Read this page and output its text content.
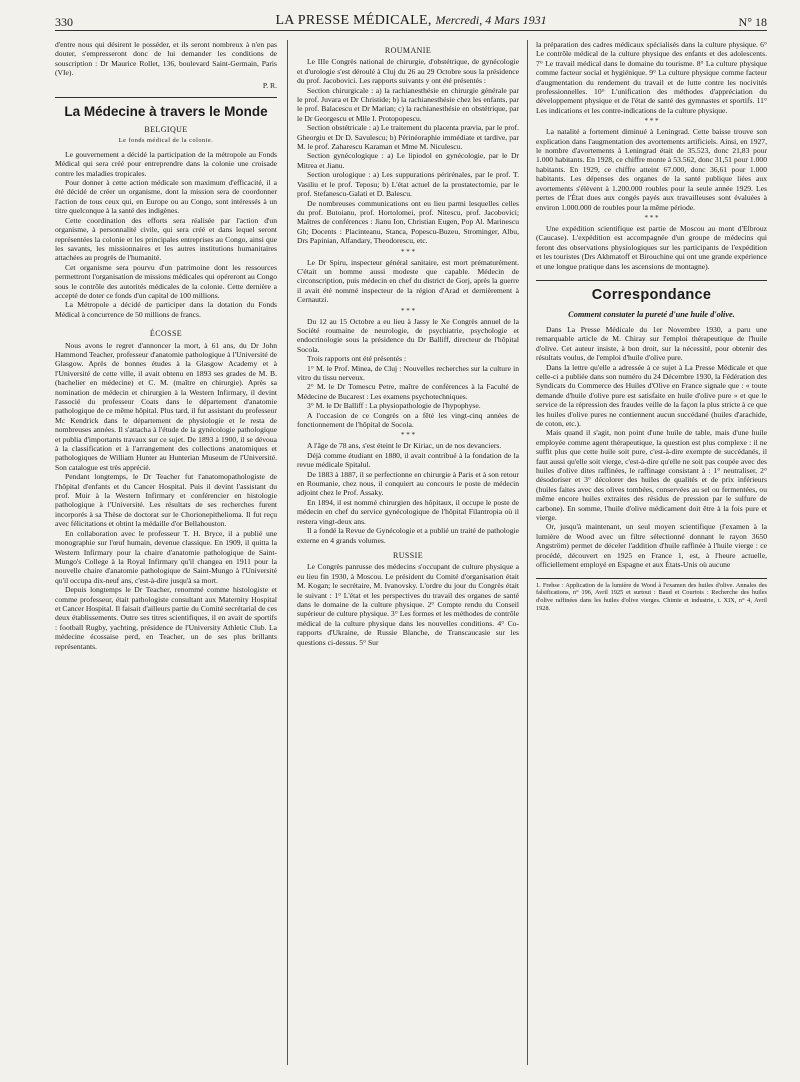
330	LA PRESSE MÉDICALE, Mercredi, 4 Mars 1931	N° 18

d'entre nous qui désirent le posséder, et ils seront nombreux à n'en pas douter, s'empresseront donc de lui demander les conditions de souscription : Dr Maurice Rollet, 136, boulevard Saint-Germain, Paris (VIe).

P. R.
La Médecine à travers le Monde
BELGIQUE
Le fonds médical de la colonie.

Le gouvernement a décidé la participation de la métropole au Fonds Médical qui sera créé pour entreprendre dans la colonie une croisade contre les maladies tropicales.

Pour donner à cette action médicale son maximum d'efficacité, il a été décidé de créer un organisme, dont la mission sera de coordonner l'action de tous ceux qui, en Europe ou au Congo, sont intéressés à un titre quelconque à la santé des indigènes.

Cette coordination des efforts sera réalisée par l'action d'un organisme, à personnalité civile, qui sera créé et dans lequel seront représentées la colonie et les principales entreprises au Congo, ainsi que les savants, les missionnaires et les autres institutions humanitaires attachées au progrès de l'humanité.

Cet organisme sera pourvu d'un patrimoine dont les ressources permettront l'organisation de missions médicales qui opéreront au Congo sous le contrôle des autorités médicales de la colonie. Cette dernière a accepté de doter ce fonds d'un capital de 100 millions.

La Métropole a décidé de participer dans la dotation du Fonds Médical à concurrence de 50 millions de francs.

ÉCOSSE

Nous avons le regret d'annoncer la mort, à 61 ans, du Dr John Hammond Teacher, professeur d'anatomie pathologique à l'Université de Glasgow. Après de bonnes études à la Glasgow Academy et à l'Université de cette ville, il avait obtenu en 1893 ses grades de M. B. (bachelier en médecine) et C. M. (maître en chirurgie). Après sa nomination de médecin et chirurgien à la Western Infirmary, il devint l'associé du professeur Coats dans le département d'anatomie pathologique de ce même hôpital. Plus tard, il fut assistant du professeur Mc Kendrick dans le département de physiologie et le resta de nombreuses années. Il s'attacha à l'étude de la gynécologie pathologique et publia d'importants travaux sur ce sujet. De 1893 à 1900, il se dévoua à la classification et à l'arrangement des collections anatomiques et pathologiques de William Hunter au Hunterian Museum de l'Université. Son catalogue est très apprécié.

Pendant longtemps, le Dr Teacher fut l'anatomopathologiste de l'hôpital d'enfants et du Cancer Hospital. Puis il devint l'assistant du prof. Muir à la Western Infirmary et conférencier en histologie pathologique à l'Université. Les résultats de ses recherches furent incorporés à sa Thèse de doctorat sur le Chorionepithelioma. Il fut reçu avec félicitations et obtint la médaille d'or Bellahouston.

En collaboration avec le professeur T. H. Bryce, il a publié une monographie sur l'œuf humain, devenue classique. En 1909, il quitta la Western Infirmary pour la chaire d'anatomie pathologique de Saint-Mungo's College à la Royal Infirmary qu'il changea en 1911 pour la nouvelle chaire d'anatomie pathologique de Saint-Mungo à l'Université qu'il occupa dix-neuf ans, c'est-à-dire jusqu'à sa mort.

Depuis longtemps le Dr Teacher, renommé comme histologiste et comme professeur, était pathologiste consultant aux Maternity Hospital et Cancer Hospital. Il faisait d'ailleurs partie du Comité secrétarial de ces deux établissements. Outre ses titres scientifiques, il en avait de sportifs : football Rugby, yachting, présidence de l'University Athletic Club. La médecine écossaise perd, en Teacher, un de ses plus brillants représentants.

ROUMANIE

Le IIIe Congrès national de chirurgie, d'obstétrique, de gynécologie et d'urologie s'est déroulé à Cluj du 26 au 29 Octobre sous la présidence du prof. Jacobovici. Les rapports suivants y ont été présentés :

Section chirurgicale : a) la rachianesthésie en chirurgie générale par le prof. Juvara et Dr Christide; b) la rachianesthésie chez les enfants, par le prof. Balacescu et Dr Marian; c) la rachianesthésie en obstétrique, par le Dr Georgescu et Mlle I. Protopopescu.

Section obstétricale : a) Le traitement du placenta prævia, par le prof. Gheorgiu et Dr D. Savulescu; b) Périnéoraphie immédiate et tardive, par M. le prof. Zaharescu Karaman et Mme M. Niculescu.

Section gynécologique : a) Le lipiodol en gynécologie, par le Dr Mitrea et Jianu.

Section urologique : a) Les suppurations périrénales, par le prof. T. Vasiliu et le prof. Teposu; b) L'état actuel de la prostatectomie, par le prof. Stefanescu-Galati et D. Balescu.

De nombreuses communications ont eu lieu parmi lesquelles celles du prof. Butoianu, prof. Hortolomei, prof. Nitescu, prof. Jacobovici; Maîtres de conférences : Jianu Ion, Christian Eugen, Pop Al. Marinescu Gh; Docents : Placinteanu, Stanca, Popescu-Buzeu, Strominger, Albu, Drs Papinian, Alfandary, Theodorescu, etc.

* * *

Le Dr Spiru, inspecteur général sanitaire, est mort prématurément. C'était un homme aussi modeste que capable. Médecin de circonscription, puis médecin en chef du district de Gorj, après la guerre il avait été nommé inspecteur de la région d'Arad et dernièrement à Cernautzi.

* * *

Du 12 au 15 Octobre a eu lieu à Jassy le Xe Congrès annuel de la Société roumaine de neurologie, de psychiatrie, psychologie et endocrinologie sous la présidence du Dr Balliff, directeur de l'hôpital Socola.

Trois rapports ont été présentés :

1° M. le Prof. Minea, de Cluj : Nouvelles recherches sur la culture in vitro du tissu nerveux.

2° M. le Dr Tomescu Petre, maître de conférences à la Faculté de Médecine de Bucarest : Les examens psychotechniques.

3° M. le Dr Balliff : La physiopathologie de l'hypophyse.

A l'occasion de ce Congrès on a fêté les vingt-cinq années de fonctionnement de l'hôpital de Socola.

* * *

A l'âge de 78 ans, s'est éteint le Dr Kiriac, un de nos devanciers.

Déjà comme étudiant en 1880, il avait contribué à la fondation de la revue médicale Spitalul.

De 1883 à 1887, il se perfectionne en chirurgie à Paris et à son retour en Roumanie, chez nous, il conquiert au concours le poste de médecin adjoint chez le Prof. Assaky.

En 1894, il est nommé chirurgien des hôpitaux, il occupe le poste de médecin en chef du service gynécologique de l'hôpital Filantropia où il restera vingt-deux ans.

Il a fondé la Revue de Gynécologie et a publié un traité de pathologie externe en 4 grands volumes.

RUSSIE

Le Congrès panrusse des médecins s'occupant de culture physique a eu lieu fin 1930, à Moscou. Le président du Comité d'organisation était M. Kogan; le secrétaire, M. Ivanovsky. L'ordre du jour du Congrès était le suivant : 1° L'état et les perspectives du travail des organes de santé dans le domaine de la culture physique. 2° Compte rendu du Conseil supérieur de culture physique. 3° Les formes et les méthodes de contrôle médical de la culture physique dans les nouvelles conditions. 4° Co-rapports d'Ukraine, de Russie Blanche, de Transcaucasie sur les questions ci-dessus. 5° Sur

la préparation des cadres médicaux spécialisés dans la culture physique. 6° Le contrôle médical de la culture physique des enfants et des adolescents. 7° Le travail médical dans le domaine du tourisme. 8° La culture physique comme facteur social et hygiénique. 9° La culture physique comme facteur d'augmentation du rendement du travail et de lutte contre les nocivités professionnelles. 10° L'unification des méthodes d'appréciation du développement physique et de l'état de santé des gymnastes et sportifs. 11° Les indications et les contre-indications de la culture physique.

* * *

La natalité a fortement diminué à Leningrad. Cette baisse trouve son explication dans l'augmentation des avortements artificiels. Ainsi, en 1927, le nombre d'avortements à Leningrad était de 35.523, donc 21,83 pour 1.000 habitants. En 1928, ce chiffre monte à 53.562, donc 31,51 pour 1.000 habitants. En 1929, ce chiffre atteint 67.000, donc 36,61 pour 1.000 habitants. Les dépenses des organes de la santé publique liées aux avortements s'élèvent à 1.200.000 roubles pour la seule année 1929. Les pertes de l'État dues aux congés payés aux travailleuses sont évaluées à environ 1.000.000 de roubles pour la même période.

* * *

Une expédition scientifique est partie de Moscou au mont d'Elbrouz (Caucase). L'expédition est accompagnée d'un groupe de médecins qui feront des observations physiologiques sur les participants de l'expédition et les touristes (Drs Akhmatoff et Birouchine qui ont une grande expérience et une longue pratique dans les ascensions de montagne).

Correspondance
Comment constater la pureté d'une huile d'olive.

Dans La Presse Médicale du 1er Novembre 1930, a paru une remarquable article de M. Chiray sur l'emploi thérapeutique de l'huile d'olive. Cet auteur insiste, à bon droit, sur la nécessité, pour obtenir des résultats voulus, de l'emploi d'huile d'olive pure.

Dans la lettre qu'elle a adressée à ce sujet à La Presse Médicale et que celle-ci a publiée dans son numéro du 24 Décembre 1930, la Fédération des Syndicats du Commerce des Huiles d'Olive en France signale que : « toute demande d'huile d'olive pure est satisfaite en huile d'olive pure » et que le service de la répression des fraudes veille de la façon la plus stricte à ce que les huiles d'olive pures ne contiennent aucun succédané (huiles d'arachide, de coton, etc.).

Mais quand il s'agit, non point d'une huile de table, mais d'une huile employée comme agent thérapeutique, la question est plus complexe : il ne suffit plus que cette huile soit pure, c'est-à-dire exempte de succédanés, il faut aussi qu'elle soit vierge, c'est-à-dire qu'elle ne soit pas coupée avec des huiles d'olive dites raffinées, le raffinage consistant à : 1° neutraliser, 2° désodoriser et 3° décolorer des huiles de qualités et de prix inférieurs (huiles faites avec des olives tombées, conservées au sel ou fermentées, ou même encore huiles extraites des résidus de pression par le sulfure de carbone). En somme, l'huile d'olive médicament doit être à la fois pure et vierge.

Or, jusqu'à maintenant, un seul moyen scientifique (l'examen à la lumière de Wood avec un filtre sélectionné donnant le rayon 3650 Angström) permet de déceler l'addition d'huile raffinée à l'huile vierge : ce procédé, découvert en 1925 en France 1, est, à l'heure actuelle, officiellement employé en Espagne et aux États-Unis où aucune

1. Frehse : Application de la lumière de Wood à l'examen des huiles d'olive. Annales des falsifications, n° 196, Avril 1925 et surtout : Baud et Courtois : Recherche des huiles d'olive raffinées dans les huiles d'olive vierges. Chimie et industrie, t. XIX, n° 4, Avril 1928.
